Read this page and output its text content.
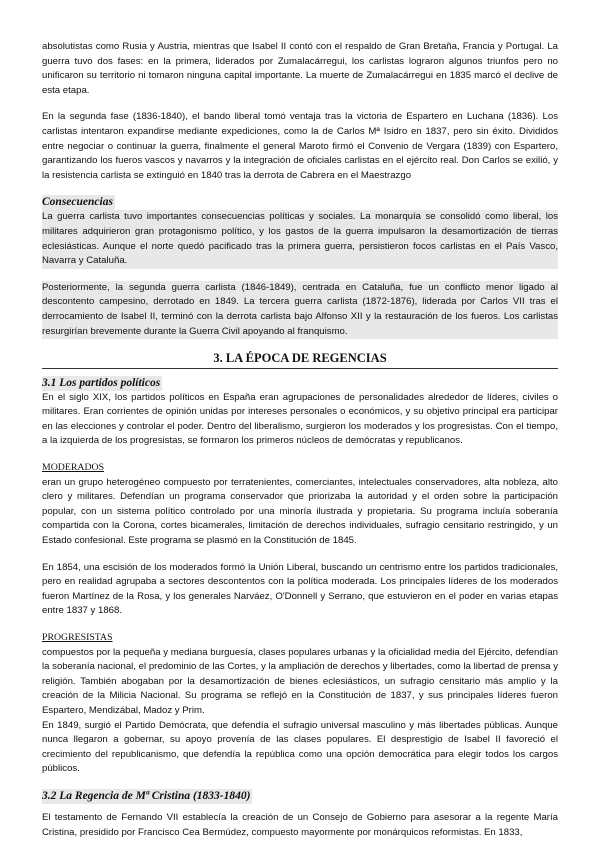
absolutistas como Rusia y Austria, mientras que Isabel II contó con el respaldo de Gran Bretaña, Francia y Portugal. La guerra tuvo dos fases: en la primera, liderados por Zumalacárregui, los carlistas lograron algunos triunfos pero no unificaron su territorio ni tomaron ninguna capital importante. La muerte de Zumalacárregui en 1835 marcó el declive de esta etapa.

En la segunda fase (1836-1840), el bando liberal tomó ventaja tras la victoria de Espartero en Luchana (1836). Los carlistas intentaron expandirse mediante expediciones, como la de Carlos Mª Isidro en 1837, pero sin éxito. Divididos entre negociar o continuar la guerra, finalmente el general Maroto firmó el Convenio de Vergara (1839) con Espartero, garantizando los fueros vascos y navarros y la integración de oficiales carlistas en el ejército real. Don Carlos se exilió, y la resistencia carlista se extinguió en 1840 tras la derrota de Cabrera en el Maestrazgo

Consecuencias

La guerra carlista tuvo importantes consecuencias políticas y sociales. La monarquía se consolidó como liberal, los militares adquirieron gran protagonismo político, y los gastos de la guerra impulsaron la desamortización de tierras eclesiásticas. Aunque el norte quedó pacificado tras la primera guerra, persistieron focos carlistas en el País Vasco, Navarra y Cataluña.

Posteriormente, la segunda guerra carlista (1846-1849), centrada en Cataluña, fue un conflicto menor ligado al descontento campesino, derrotado en 1849. La tercera guerra carlista (1872-1876), liderada por Carlos VII tras el derrocamiento de Isabel II, terminó con la derrota carlista bajo Alfonso XII y la restauración de los fueros. Los carlistas resurgirían brevemente durante la Guerra Civil apoyando al franquismo.

3. LA ÉPOCA DE REGENCIAS

3.1 Los partidos políticos

En el siglo XIX, los partidos políticos en España eran agrupaciones de personalidades alrededor de líderes, civiles o militares. Eran corrientes de opinión unidas por intereses personales o económicos, y su objetivo principal era participar en las elecciones y controlar el poder. Dentro del liberalismo, surgieron los moderados y los progresistas. Con el tiempo, a la izquierda de los progresistas, se formaron los primeros núcleos de demócratas y republicanos.

MODERADOS

eran un grupo heterogéneo compuesto por terratenientes, comerciantes, intelectuales conservadores, alta nobleza, alto clero y militares. Defendían un programa conservador que priorizaba la autoridad y el orden sobre la participación popular, con un sistema político controlado por una minoría ilustrada y propietaria. Su programa incluía soberanía compartida con la Corona, cortes bicamerales, limitación de derechos individuales, sufragio censitario restringido, y un Estado confesional. Este programa se plasmó en la Constitución de 1845.

En 1854, una escisión de los moderados formó la Unión Liberal, buscando un centrismo entre los partidos tradicionales, pero en realidad agrupaba a sectores descontentos con la política moderada. Los principales líderes de los moderados fueron Martínez de la Rosa, y los generales Narváez, O'Donnell y Serrano, que estuvieron en el poder en varias etapas entre 1837 y 1868.

PROGRESISTAS

compuestos por la pequeña y mediana burguesía, clases populares urbanas y la oficialidad media del Ejército, defendían la soberanía nacional, el predominio de las Cortes, y la ampliación de derechos y libertades, como la libertad de prensa y religión. También abogaban por la desamortización de bienes eclesiásticos, un sufragio censitario más amplio y la creación de la Milicia Nacional. Su programa se reflejó en la Constitución de 1837, y sus principales líderes fueron Espartero, Mendizábal, Madoz y Prim.

En 1849, surgió el Partido Demócrata, que defendía el sufragio universal masculino y más libertades públicas. Aunque nunca llegaron a gobernar, su apoyo provenía de las clases populares. El desprestigio de Isabel II favoreció el crecimiento del republicanismo, que defendía la república como una opción democrática para elegir todos los cargos públicos.

3.2 La Regencia de Mª Cristina (1833-1840)

El testamento de Fernando VII establecía la creación de un Consejo de Gobierno para asesorar a la regente María Cristina, presidido por Francisco Cea Bermúdez, compuesto mayormente por monárquicos reformistas. En 1833,
